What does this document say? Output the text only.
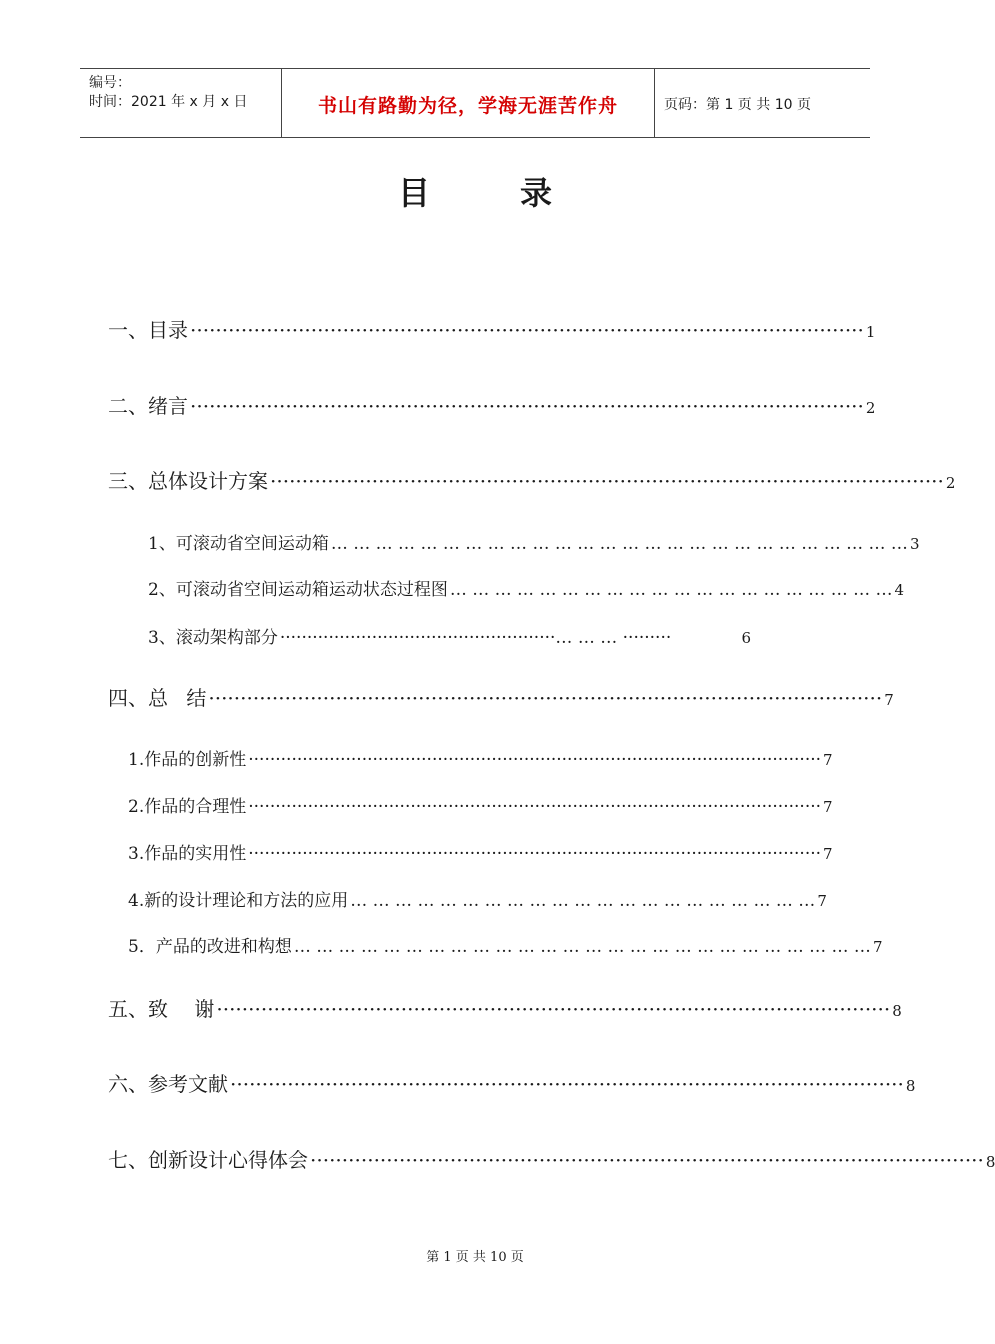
编号：
时间：2021 年 x 月 x 日	书山有路勤为径，学海无涯苦作舟	页码：第 1 页 共 10 页
目	录
一、目录 ·········································································································· 1
二、绪言 ·········································································································· 2
三、总体设计方案 ·········································································································· 2
1、可滚动省空间运动箱 … … … … … … … … … … … … … … … … … … … … … … … … … … 3
2、可滚动省空间运动箱运动状态过程图 … … … … … … … … … … … … … … … … … … … … 4
3、滚动架构部分 ···················································… … … ·········	6
四、总 结 ·········································································································· 7
1.作品的创新性 ·········································································································· 7
2.作品的合理性 ·········································································································· 7
3.作品的实用性 ·········································································································· 7
4.新的设计理论和方法的应用 … … … … … … … … … … … … … … … … … … … … … 7
5．产品的改进和构想 … … … … … … … … … … … … … … … … … … … … … … … … … … 7
五、致 谢 ·········································································································· 8
六、参考文献 ·········································································································· 8
七、创新设计心得体会 ·········································································································· 8
第 1 页 共 10 页
